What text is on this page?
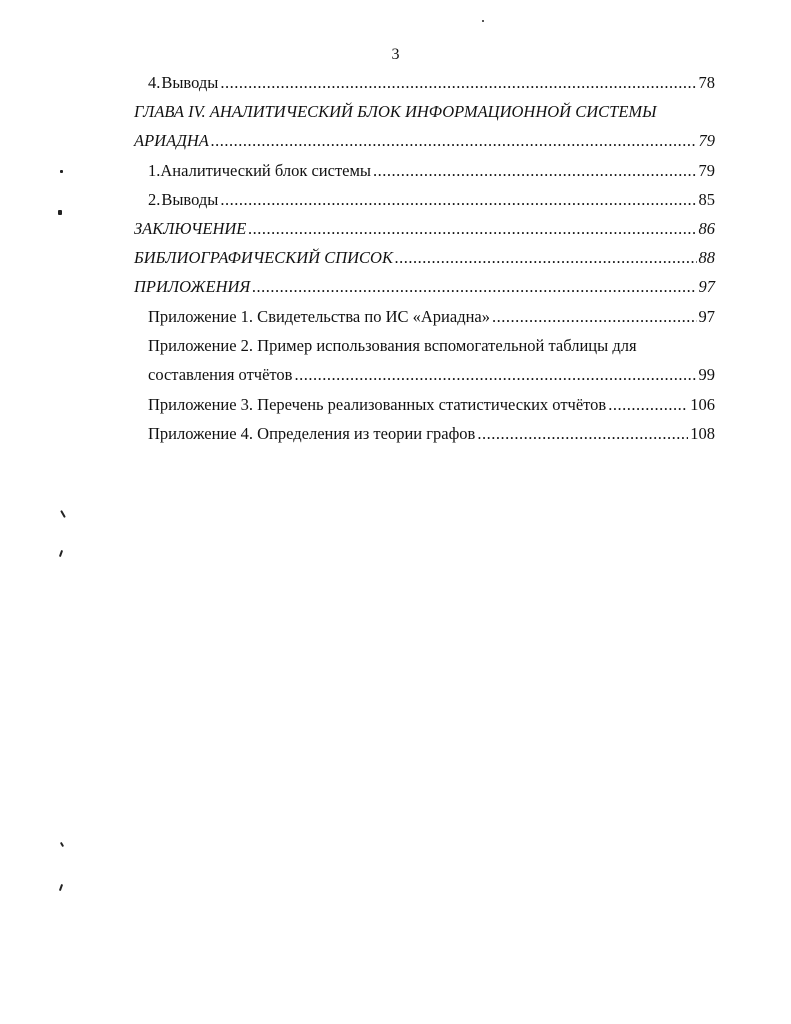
3
4. Выводы .....	78
ГЛАВА IV. АНАЛИТИЧЕСКИЙ БЛОК ИНФОРМАЦИОННОЙ СИСТЕМЫ
АРИАДНА .....	79
1. Аналитический блок системы .....	79
2. Выводы .....	85
ЗАКЛЮЧЕНИЕ .....	86
БИБЛИОГРАФИЧЕСКИЙ СПИСОК .....	88
ПРИЛОЖЕНИЯ .....	97
Приложение 1. Свидетельства по ИС «Ариадна» .....	97
Приложение 2. Пример использования вспомогательной таблицы для
составления отчётов .....	99
Приложение 3. Перечень реализованных статистических отчётов .....	106
Приложение 4. Определения из теории графов .....	108
